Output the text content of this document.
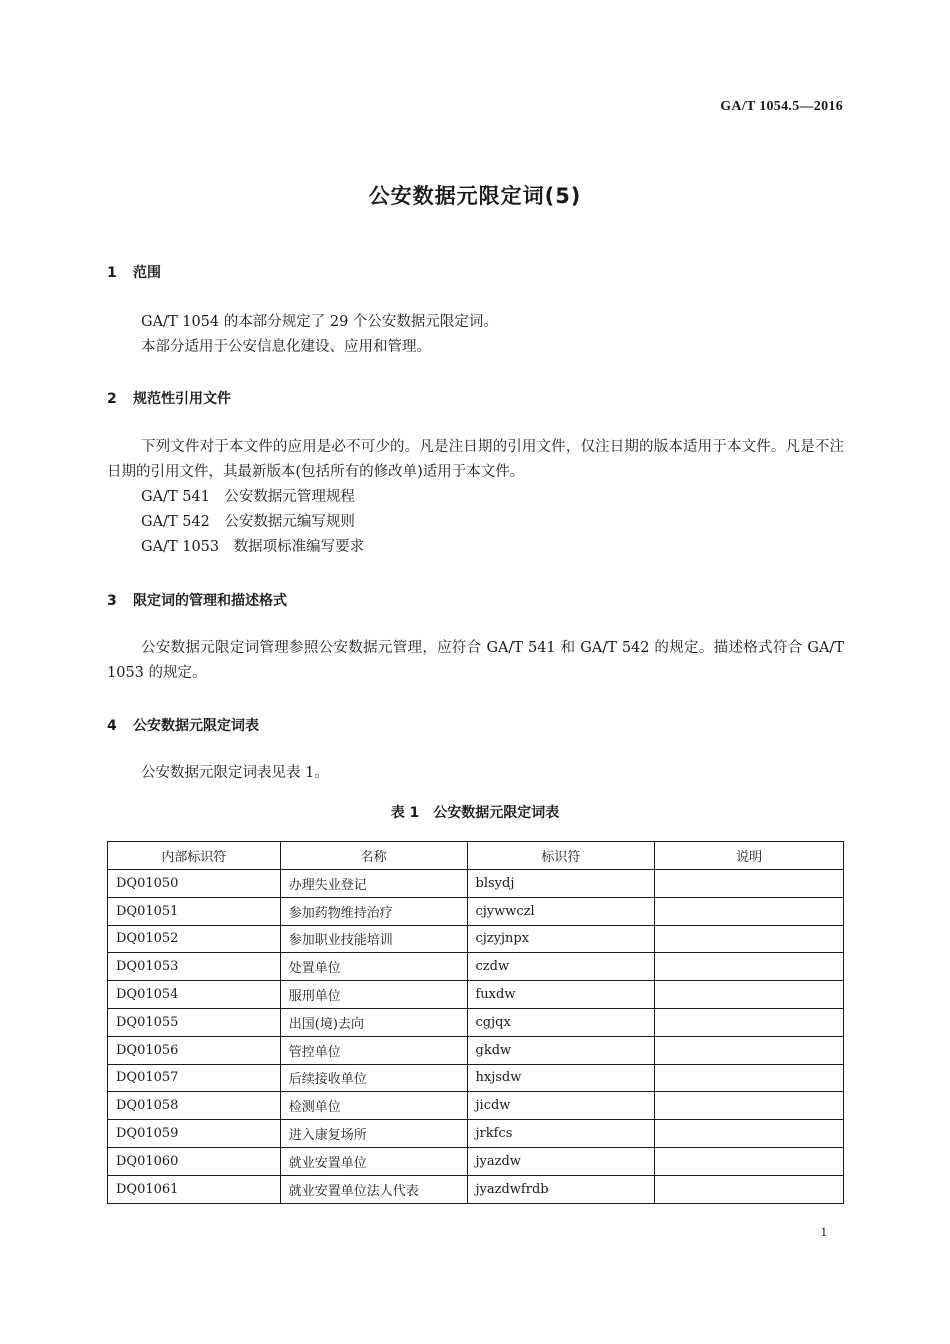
GA/T 1054.5—2016
公安数据元限定词(5)
1 范围
GA/T 1054 的本部分规定了 29 个公安数据元限定词。
本部分适用于公安信息化建设、应用和管理。
2 规范性引用文件
下列文件对于本文件的应用是必不可少的。凡是注日期的引用文件，仅注日期的版本适用于本文件。凡是不注日期的引用文件，其最新版本(包括所有的修改单)适用于本文件。
GA/T 541　公安数据元管理规程
GA/T 542　公安数据元编写规则
GA/T 1053　数据项标准编写要求
3 限定词的管理和描述格式
公安数据元限定词管理参照公安数据元管理，应符合 GA/T 541 和 GA/T 542 的规定。描述格式符合 GA/T 1053 的规定。
4 公安数据元限定词表
公安数据元限定词表见表 1。
表 1　公安数据元限定词表
内部标识符	名称	标识符	说明
DQ01050	办理失业登记	blsydj	
DQ01051	参加药物维持治疗	cjywwczl	
DQ01052	参加职业技能培训	cjzyjnpx	
DQ01053	处置单位	czdw	
DQ01054	服刑单位	fuxdw	
DQ01055	出国(境)去向	cgjqx	
DQ01056	管控单位	gkdw	
DQ01057	后续接收单位	hxjsdw	
DQ01058	检测单位	jicdw	
DQ01059	进入康复场所	jrkfcs	
DQ01060	就业安置单位	jyazdw	
DQ01061	就业安置单位法人代表	jyazdwfrdb	
1
